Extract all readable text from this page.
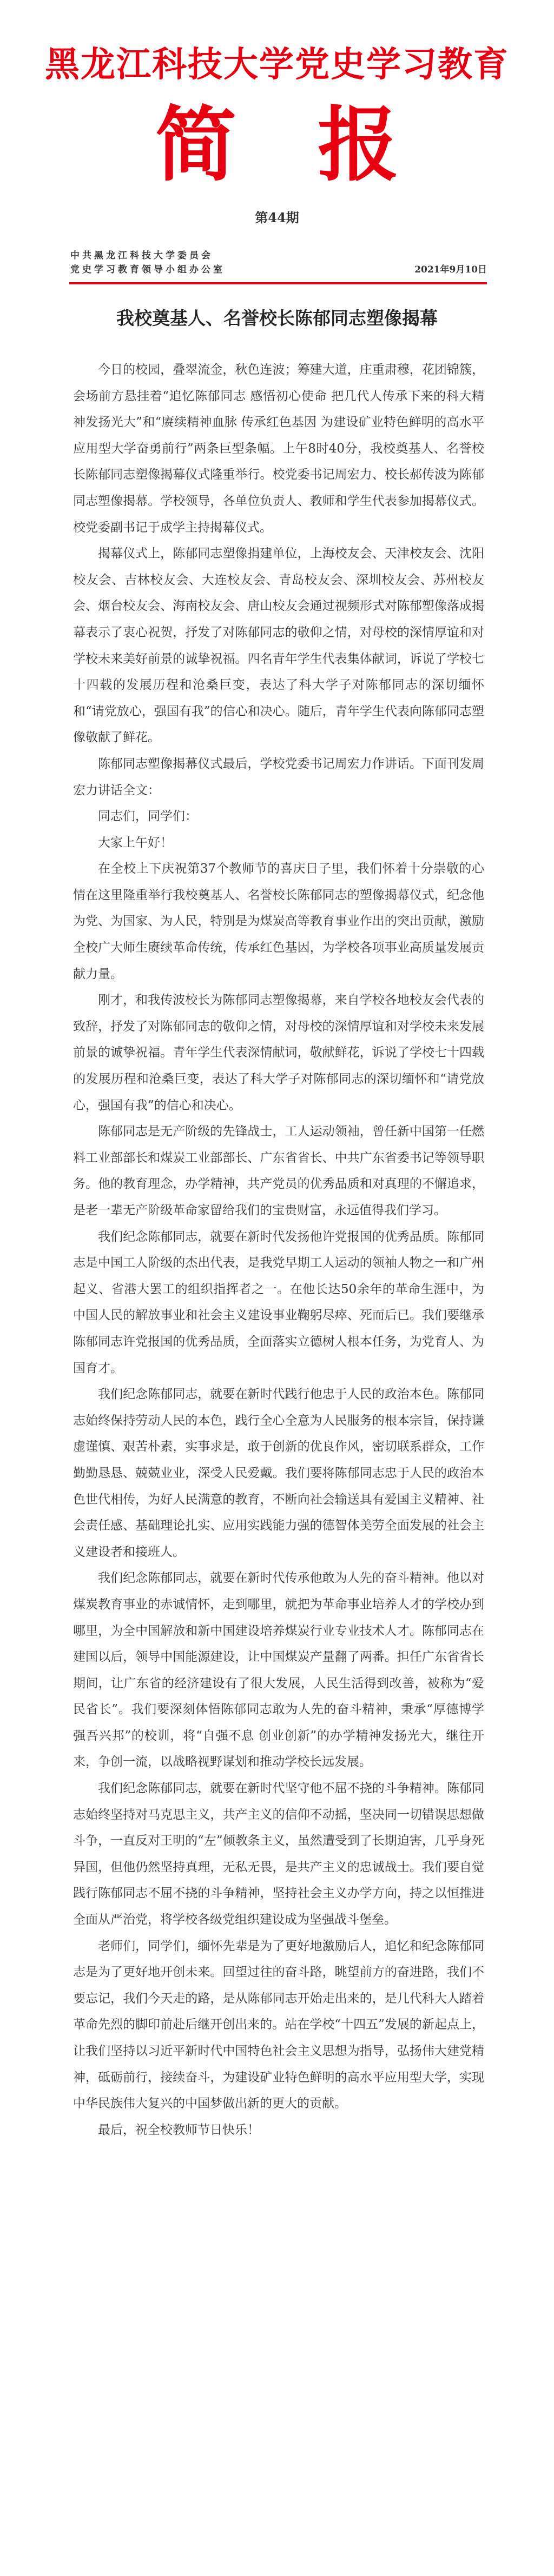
黑龙江科技大学党史学习教育
简报
第44期
中共黑龙江科技大学委员会
党史学习教育领导小组办公室	2021年9月10日
我校奠基人、名誉校长陈郁同志塑像揭幕

今日的校园，叠翠流金，秋色连波；筹建大道，庄重肃穆，花团锦簇，会场前方悬挂着“追忆陈郁同志 感悟初心使命 把几代人传承下来的科大精神发扬光大”和“赓续精神血脉 传承红色基因 为建设矿业特色鲜明的高水平应用型大学奋勇前行”两条巨型条幅。上午8时40分，我校奠基人、名誉校长陈郁同志塑像揭幕仪式隆重举行。校党委书记周宏力、校长郝传波为陈郁同志塑像揭幕。学校领导，各单位负责人、教师和学生代表参加揭幕仪式。校党委副书记于成学主持揭幕仪式。

揭幕仪式上，陈郁同志塑像捐建单位，上海校友会、天津校友会、沈阳校友会、吉林校友会、大连校友会、青岛校友会、深圳校友会、苏州校友会、烟台校友会、海南校友会、唐山校友会通过视频形式对陈郁塑像落成揭幕表示了衷心祝贺，抒发了对陈郁同志的敬仰之情，对母校的深情厚谊和对学校未来美好前景的诚挚祝福。四名青年学生代表集体献词，诉说了学校七十四载的发展历程和沧桑巨变，表达了科大学子对陈郁同志的深切缅怀和“请党放心，强国有我”的信心和决心。随后，青年学生代表向陈郁同志塑像敬献了鲜花。

陈郁同志塑像揭幕仪式最后，学校党委书记周宏力作讲话。下面刊发周宏力讲话全文：

同志们，同学们：

大家上午好！

在全校上下庆祝第37个教师节的喜庆日子里，我们怀着十分崇敬的心情在这里隆重举行我校奠基人、名誉校长陈郁同志的塑像揭幕仪式，纪念他为党、为国家、为人民，特别是为煤炭高等教育事业作出的突出贡献，激励全校广大师生赓续革命传统，传承红色基因，为学校各项事业高质量发展贡献力量。

刚才，和我传波校长为陈郁同志塑像揭幕，来自学校各地校友会代表的致辞，抒发了对陈郁同志的敬仰之情，对母校的深情厚谊和对学校未来发展前景的诚挚祝福。青年学生代表深情献词，敬献鲜花，诉说了学校七十四载的发展历程和沧桑巨变，表达了科大学子对陈郁同志的深切缅怀和“请党放心，强国有我”的信心和决心。

陈郁同志是无产阶级的先锋战士，工人运动领袖，曾任新中国第一任燃料工业部部长和煤炭工业部部长、广东省省长、中共广东省委书记等领导职务。他的教育理念，办学精神，共产党员的优秀品质和对真理的不懈追求，是老一辈无产阶级革命家留给我们的宝贵财富，永远值得我们学习。

我们纪念陈郁同志，就要在新时代发扬他许党报国的优秀品质。陈郁同志是中国工人阶级的杰出代表，是我党早期工人运动的领袖人物之一和广州起义、省港大罢工的组织指挥者之一。在他长达50余年的革命生涯中，为中国人民的解放事业和社会主义建设事业鞠躬尽瘁、死而后已。我们要继承陈郁同志许党报国的优秀品质，全面落实立德树人根本任务，为党育人、为国育才。

我们纪念陈郁同志，就要在新时代践行他忠于人民的政治本色。陈郁同志始终保持劳动人民的本色，践行全心全意为人民服务的根本宗旨，保持谦虚谨慎、艰苦朴素，实事求是，敢于创新的优良作风，密切联系群众，工作勤勤恳恳、兢兢业业，深受人民爱戴。我们要将陈郁同志忠于人民的政治本色世代相传，为好人民满意的教育，不断向社会输送具有爱国主义精神、社会责任感、基础理论扎实、应用实践能力强的德智体美劳全面发展的社会主义建设者和接班人。

我们纪念陈郁同志，就要在新时代传承他敢为人先的奋斗精神。他以对煤炭教育事业的赤诚情怀，走到哪里，就把为革命事业培养人才的学校办到哪里，为全中国解放和新中国建设培养煤炭行业专业技术人才。陈郁同志在建国以后，领导中国能源建设，让中国煤炭产量翻了两番。担任广东省省长期间，让广东省的经济建设有了很大发展，人民生活得到改善，被称为“爱民省长”。我们要深刻体悟陈郁同志敢为人先的奋斗精神，秉承“厚德博学 强吾兴邦”的校训，将“自强不息 创业创新”的办学精神发扬光大，继往开来，争创一流，以战略视野谋划和推动学校长远发展。

我们纪念陈郁同志，就要在新时代坚守他不屈不挠的斗争精神。陈郁同志始终坚持对马克思主义，共产主义的信仰不动摇，坚决同一切错误思想做斗争，一直反对王明的“左”倾教条主义，虽然遭受到了长期迫害，几乎身死异国，但他仍然坚持真理，无私无畏，是共产主义的忠诚战士。我们要自觉践行陈郁同志不屈不挠的斗争精神，坚持社会主义办学方向，持之以恒推进全面从严治党，将学校各级党组织建设成为坚强战斗堡垒。

老师们，同学们，缅怀先辈是为了更好地激励后人，追忆和纪念陈郁同志是为了更好地开创未来。回望过往的奋斗路，眺望前方的奋进路，我们不要忘记，我们今天走的路，是从陈郁同志开始走出来的，是几代科大人踏着革命先烈的脚印前赴后继开创出来的。站在学校“十四五”发展的新起点上，让我们坚持以习近平新时代中国特色社会主义思想为指导，弘扬伟大建党精神，砥砺前行，接续奋斗，为建设矿业特色鲜明的高水平应用型大学，实现中华民族伟大复兴的中国梦做出新的更大的贡献。

最后，祝全校教师节日快乐！
